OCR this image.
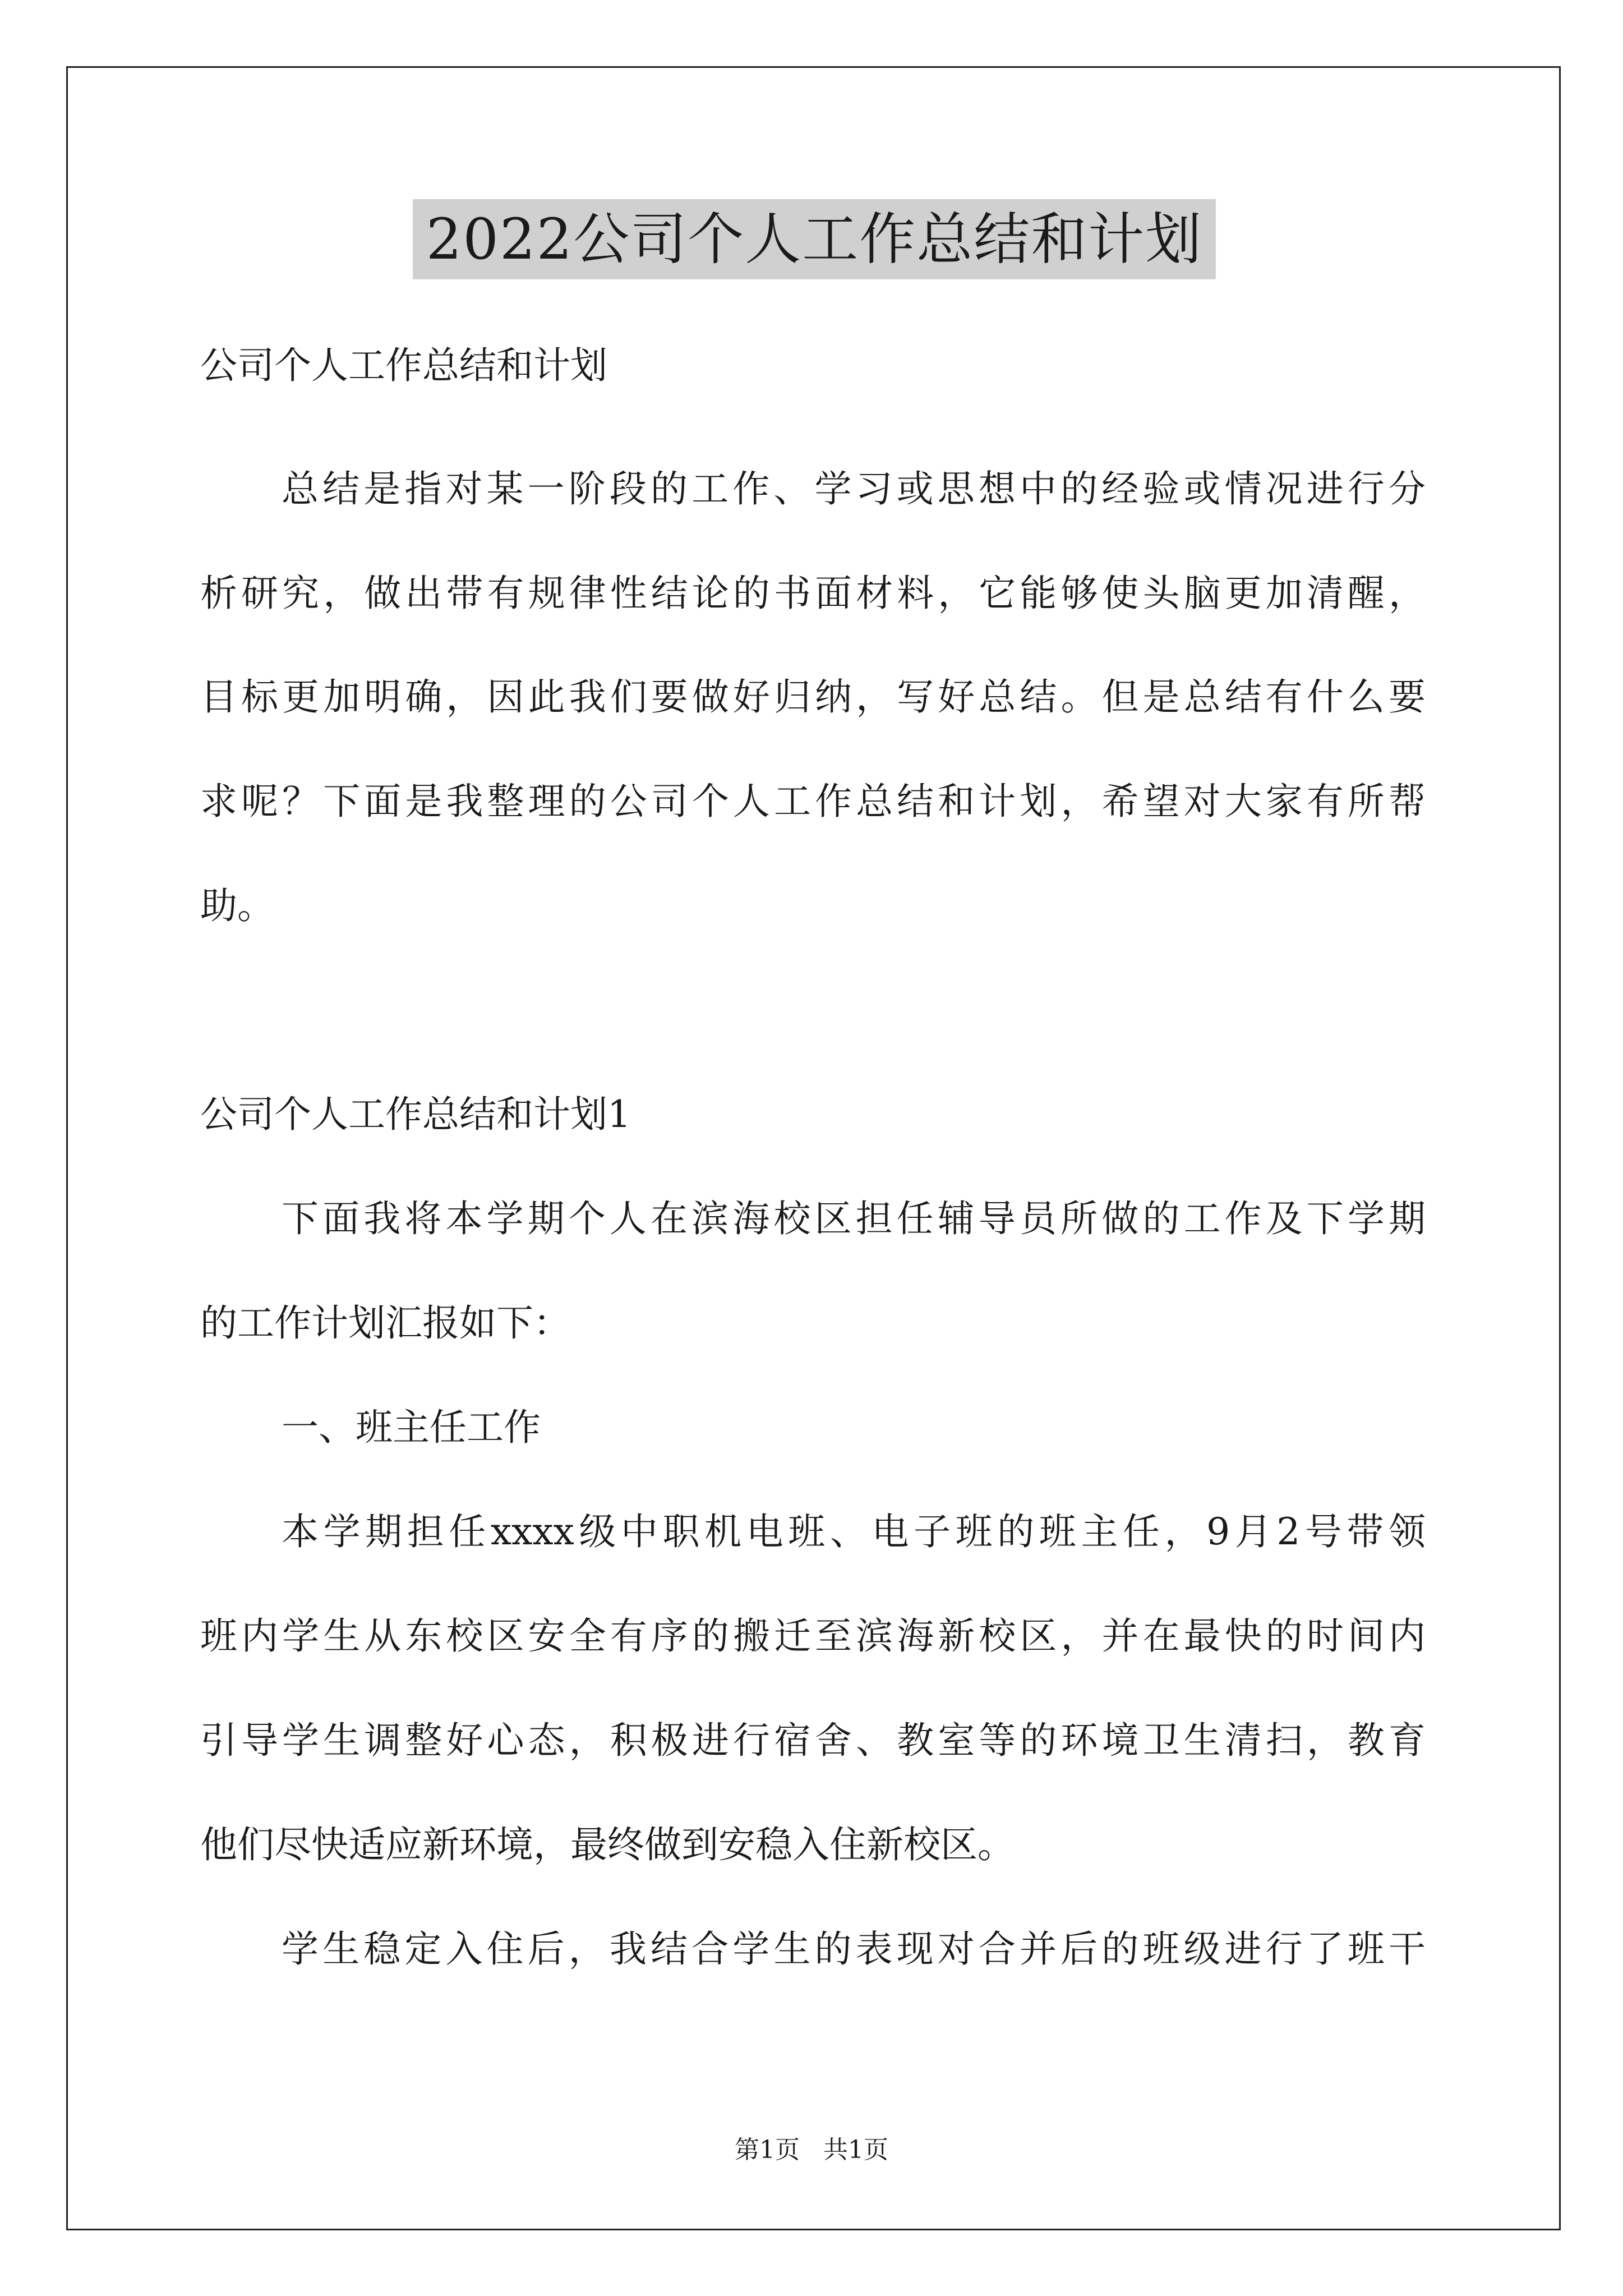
2022公司个人工作总结和计划
公司个人工作总结和计划
总结是指对某一阶段的工作、学习或思想中的经验或情况进行分
析研究，做出带有规律性结论的书面材料，它能够使头脑更加清醒，
目标更加明确，因此我们要做好归纳，写好总结。但是总结有什么要
求呢？下面是我整理的公司个人工作总结和计划，希望对大家有所帮
助。
公司个人工作总结和计划1
下面我将本学期个人在滨海校区担任辅导员所做的工作及下学期
的工作计划汇报如下：
一、班主任工作
本学期担任xxxx级中职机电班、电子班的班主任，9月2号带领
班内学生从东校区安全有序的搬迁至滨海新校区，并在最快的时间内
引导学生调整好心态，积极进行宿舍、教室等的环境卫生清扫，教育
他们尽快适应新环境，最终做到安稳入住新校区。
学生稳定入住后，我结合学生的表现对合并后的班级进行了班干
第1页   共1页
